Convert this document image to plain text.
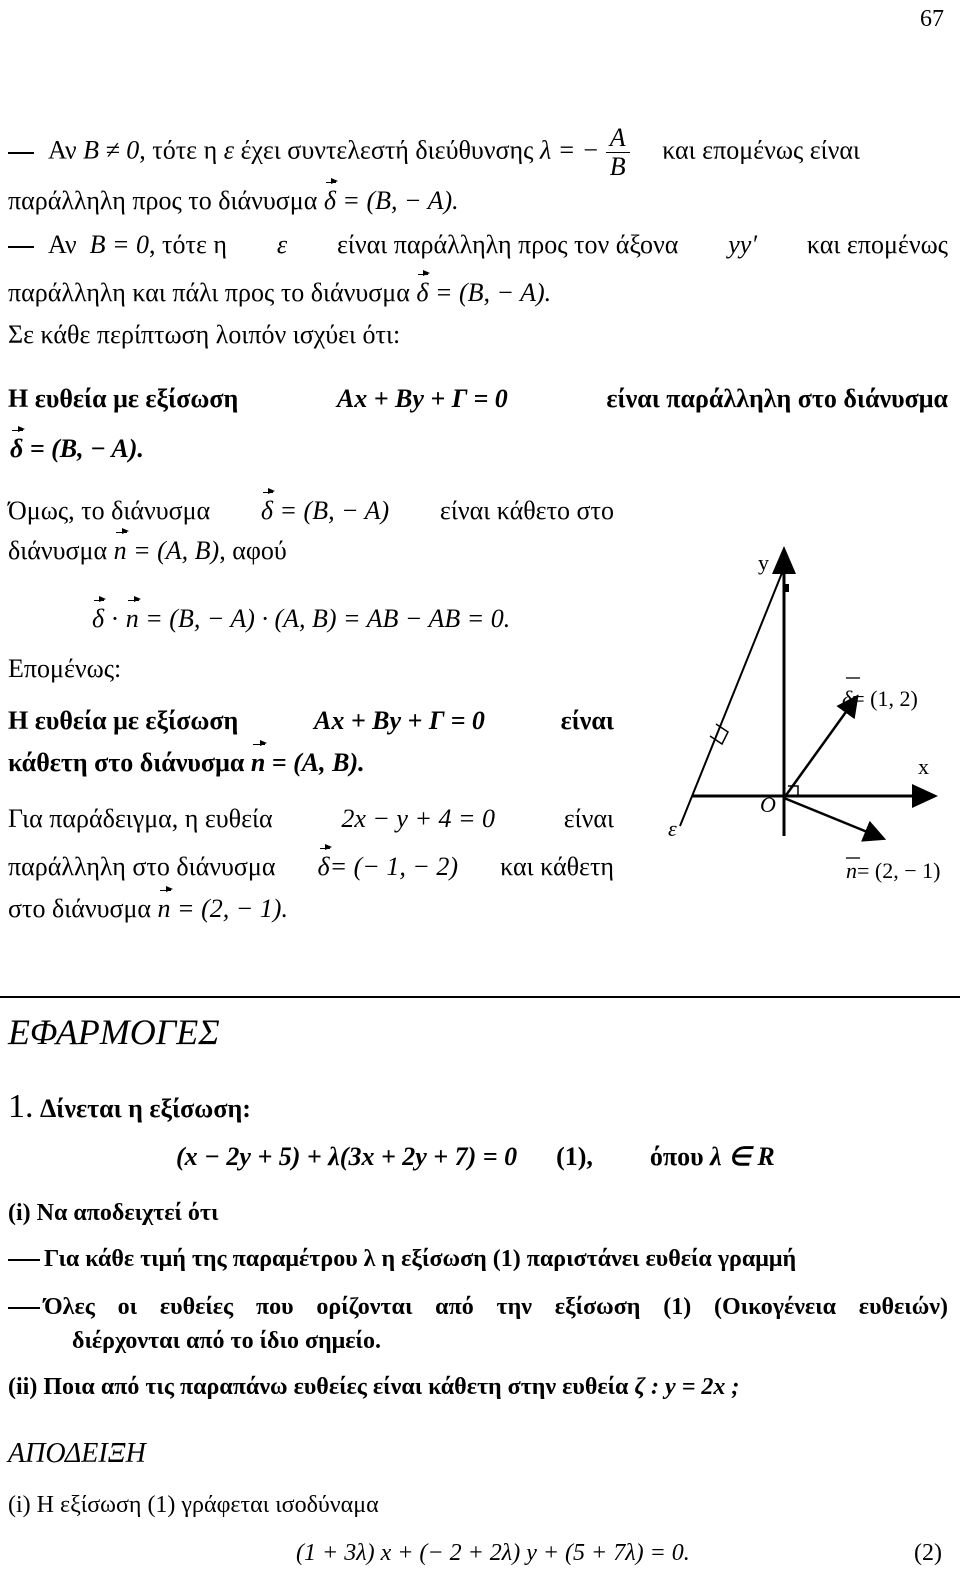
67
Αν B ≠ 0, τότε η ε έχει συντελεστή διεύθυνσης λ = − $\frac{A}{B}$ και επομένως είναι
παράλληλη προς το διάνυσμα δ = (B, − A).
Αν B = 0, τότε η ε είναι παράλληλη προς τον άξονα yy′ και επομένως
παράλληλη και πάλι προς το διάνυσμα δ = (B, − A).
Σε κάθε περίπτωση λοιπόν ισχύει ότι:
Η ευθεία με εξίσωση	Ax + By + Γ = 0	είναι παράλληλη στο διάνυσμα
δ = (B, − A).
Όμως, το διάνυσμα δ = (B, − A) είναι κάθετο στο
διάνυσμα n = (A, B), αφού
δ · n = (B, − A) · (A, B) = AB − AB = 0.
Επομένως:
Η ευθεία με εξίσωση	Ax + By + Γ = 0	είναι
κάθετη στο διάνυσμα n = (A, B).
Για παράδειγμα, η ευθεία	2x − y + 4 = 0	είναι
παράλληλη στο διάνυσμα δ= (− 1, − 2) και κάθετη
στο διάνυσμα n = (2, − 1).
y
x
O
ε
δ= (1, 2)
n= (2, − 1)
ΕΦΑΡΜΟΓΕΣ
1. Δίνεται η εξίσωση:
(x − 2y + 5) + λ(3x + 2y + 7) = 0 (1), όπου λ ∈ R
(i) Να αποδειχτεί ότι
Για κάθε τιμή της παραμέτρου λ η εξίσωση (1) παριστάνει ευθεία γραμμή
Όλες οι ευθείες που ορίζονται από την εξίσωση (1) (Οικογένεια ευθειών)
διέρχονται από το ίδιο σημείο.
(ii) Ποια από τις παραπάνω ευθείες είναι κάθετη στην ευθεία ζ : y = 2x ;
ΑΠΟΔΕΙΞΗ
(i) Η εξίσωση (1) γράφεται ισοδύναμα
(1 + 3λ) x + (− 2 + 2λ) y + (5 + 7λ) = 0.	(2)
